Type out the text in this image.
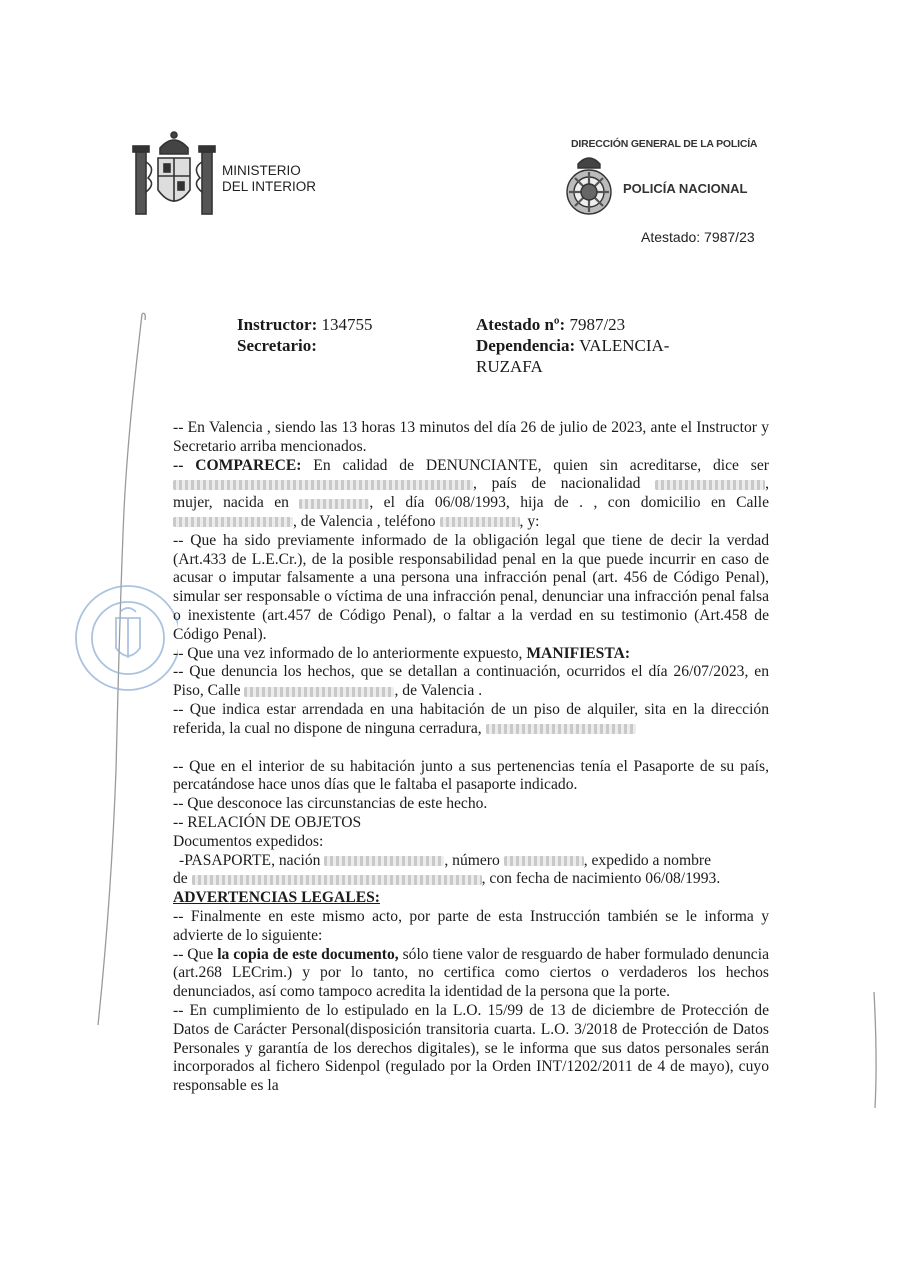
MINISTERIO
DEL INTERIOR
DIRECCIÓN GENERAL DE LA POLICÍA
POLICÍA NACIONAL
Atestado: 7987/23
Instructor: 134755
Secretario:
Atestado nº: 7987/23
Dependencia: VALENCIA-
RUZAFA

-- En Valencia , siendo las 13 horas 13 minutos del día 26 de julio de 2023, ante el Instructor y Secretario arriba mencionados.

-- COMPARECE: En calidad de DENUNCIANTE, quien sin acreditarse, dice ser , país de nacionalidad	, mujer, nacida en	, el día 06/08/1993, hija de . , con domicilio en Calle , de Valencia , teléfono	, y:

-- Que ha sido previamente informado de la obligación legal que tiene de decir la verdad (Art.433 de L.E.Cr.), de la posible responsabilidad penal en la que puede incurrir en caso de acusar o imputar falsamente a una persona una infracción penal (art. 456 de Código Penal), simular ser responsable o víctima de una infracción penal, denunciar una infracción penal falsa o inexistente (art.457 de Código Penal), o faltar a la verdad en su testimonio (Art.458 de Código Penal).

-- Que una vez informado de lo anteriormente expuesto, MANIFIESTA:

-- Que denuncia los hechos, que se detallan a continuación, ocurridos el día 26/07/2023, en Piso, Calle	, de Valencia .

-- Que indica estar arrendada en una habitación de un piso de alquiler, sita en la dirección referida, la cual no dispone de ninguna cerradura,

-- Que en el interior de su habitación junto a sus pertenencias tenía el Pasaporte de su país, percatándose hace unos días que le faltaba el pasaporte indicado.

-- Que desconoce las circunstancias de este hecho.

-- RELACIÓN DE OBJETOS

Documentos expedidos:

-PASAPORTE, nación	, número	, expedido a nombre

de	, con fecha de nacimiento 06/08/1993.

ADVERTENCIAS LEGALES:

-- Finalmente en este mismo acto, por parte de esta Instrucción también se le informa y advierte de lo siguiente:

-- Que la copia de este documento, sólo tiene valor de resguardo de haber formulado denuncia (art.268 LECrim.) y por lo tanto, no certifica como ciertos o verdaderos los hechos denunciados, así como tampoco acredita la identidad de la persona que la porte.

-- En cumplimiento de lo estipulado en la L.O. 15/99 de 13 de diciembre de Protección de Datos de Carácter Personal(disposición transitoria cuarta. L.O. 3/2018 de Protección de Datos Personales y garantía de los derechos digitales), se le informa que sus datos personales serán incorporados al fichero Sidenpol (regulado por la Orden INT/1202/2011 de 4 de mayo), cuyo responsable es la
